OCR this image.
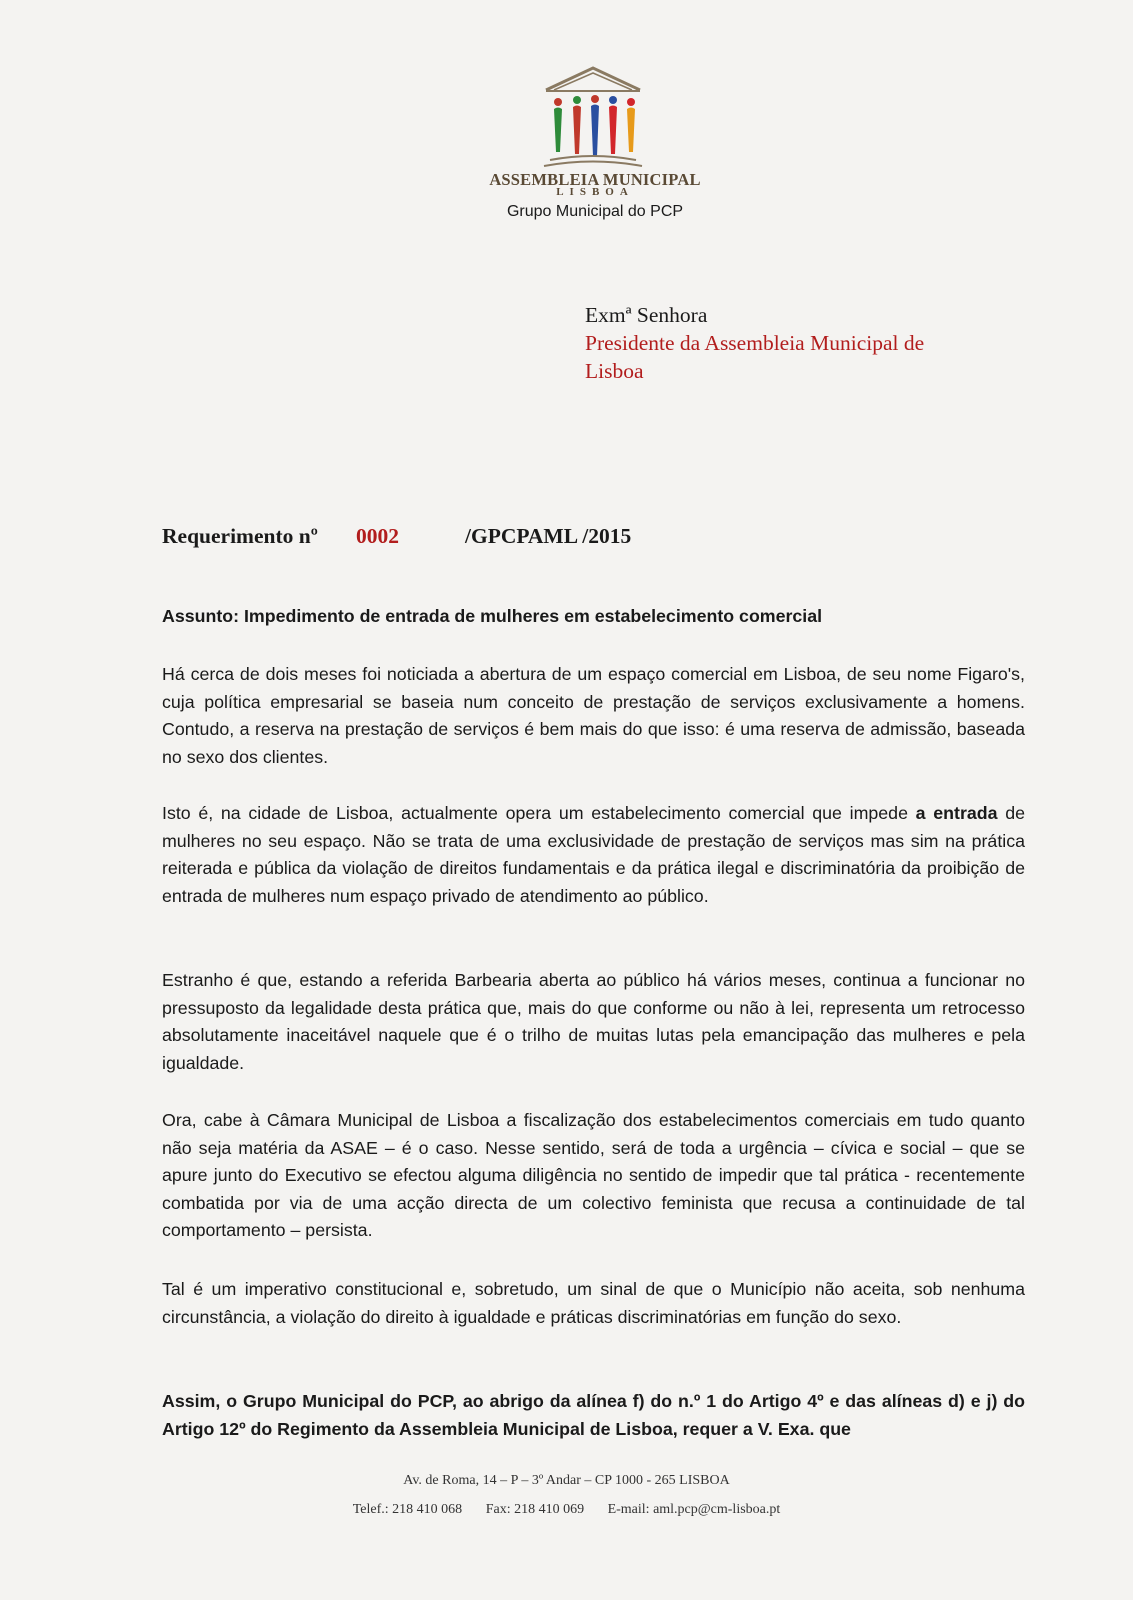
ASSEMBLEIA MUNICIPAL
LISBOA
Grupo Municipal do PCP
Exmª Senhora
Presidente da Assembleia Municipal de
Lisboa
Requerimento nº 0002	/GPCPAML /2015
Assunto: Impedimento de entrada de mulheres em estabelecimento comercial

Há cerca de dois meses foi noticiada a abertura de um espaço comercial em Lisboa, de seu nome Figaro's, cuja política empresarial se baseia num conceito de prestação de serviços exclusivamente a homens. Contudo, a reserva na prestação de serviços é bem mais do que isso: é uma reserva de admissão, baseada no sexo dos clientes.

Isto é, na cidade de Lisboa, actualmente opera um estabelecimento comercial que impede a entrada de mulheres no seu espaço. Não se trata de uma exclusividade de prestação de serviços mas sim na prática reiterada e pública da violação de direitos fundamentais e da prática ilegal e discriminatória da proibição de entrada de mulheres num espaço privado de atendimento ao público.

Estranho é que, estando a referida Barbearia aberta ao público há vários meses, continua a funcionar no pressuposto da legalidade desta prática que, mais do que conforme ou não à lei, representa um retrocesso absolutamente inaceitável naquele que é o trilho de muitas lutas pela emancipação das mulheres e pela igualdade.

Ora, cabe à Câmara Municipal de Lisboa a fiscalização dos estabelecimentos comerciais em tudo quanto não seja matéria da ASAE – é o caso. Nesse sentido, será de toda a urgência – cívica e social – que se apure junto do Executivo se efectou alguma diligência no sentido de impedir que tal prática - recentemente combatida por via de uma acção directa de um colectivo feminista que recusa a continuidade de tal comportamento – persista.

Tal é um imperativo constitucional e, sobretudo, um sinal de que o Município não aceita, sob nenhuma circunstância, a violação do direito à igualdade e práticas discriminatórias em função do sexo.

Assim, o Grupo Municipal do PCP, ao abrigo da alínea f) do n.º 1 do Artigo 4º e das alíneas d) e j) do Artigo 12º do Regimento da Assembleia Municipal de Lisboa, requer a V. Exa. que

Av. de Roma, 14 – P – 3º Andar – CP 1000 - 265 LISBOA
Telef.: 218 410 068 Fax: 218 410 069 E-mail: aml.pcp@cm-lisboa.pt
